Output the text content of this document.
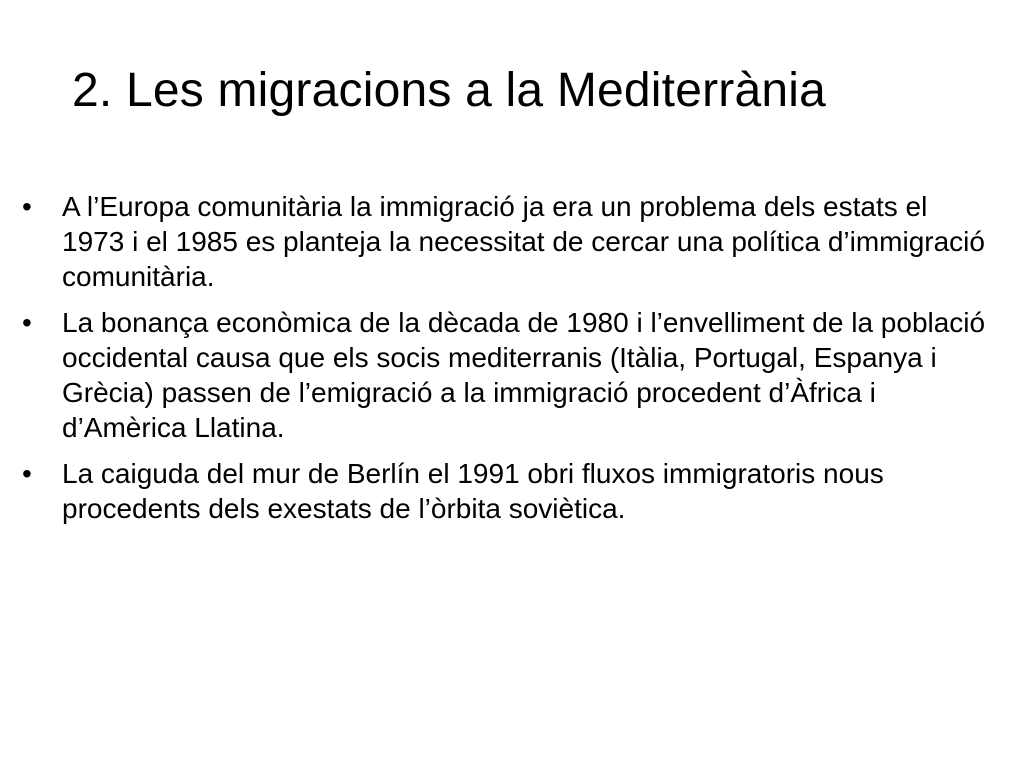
2. Les migracions a la Mediterrània
•	A l’Europa comunitària la immigració ja era un problema dels estats el 1973 i el 1985 es planteja la necessitat de cercar una política d’immigració comunitària.
•	La bonança econòmica de la dècada de 1980 i l’envelliment de la població occidental causa que els socis mediterranis (Itàlia, Portugal, Espanya i Grècia) passen de l’emigració a la immigració procedent d’Àfrica i d’Amèrica Llatina.
•	La caiguda del mur de Berlín el 1991 obri fluxos immigratoris nous procedents dels exestats de l’òrbita soviètica.
